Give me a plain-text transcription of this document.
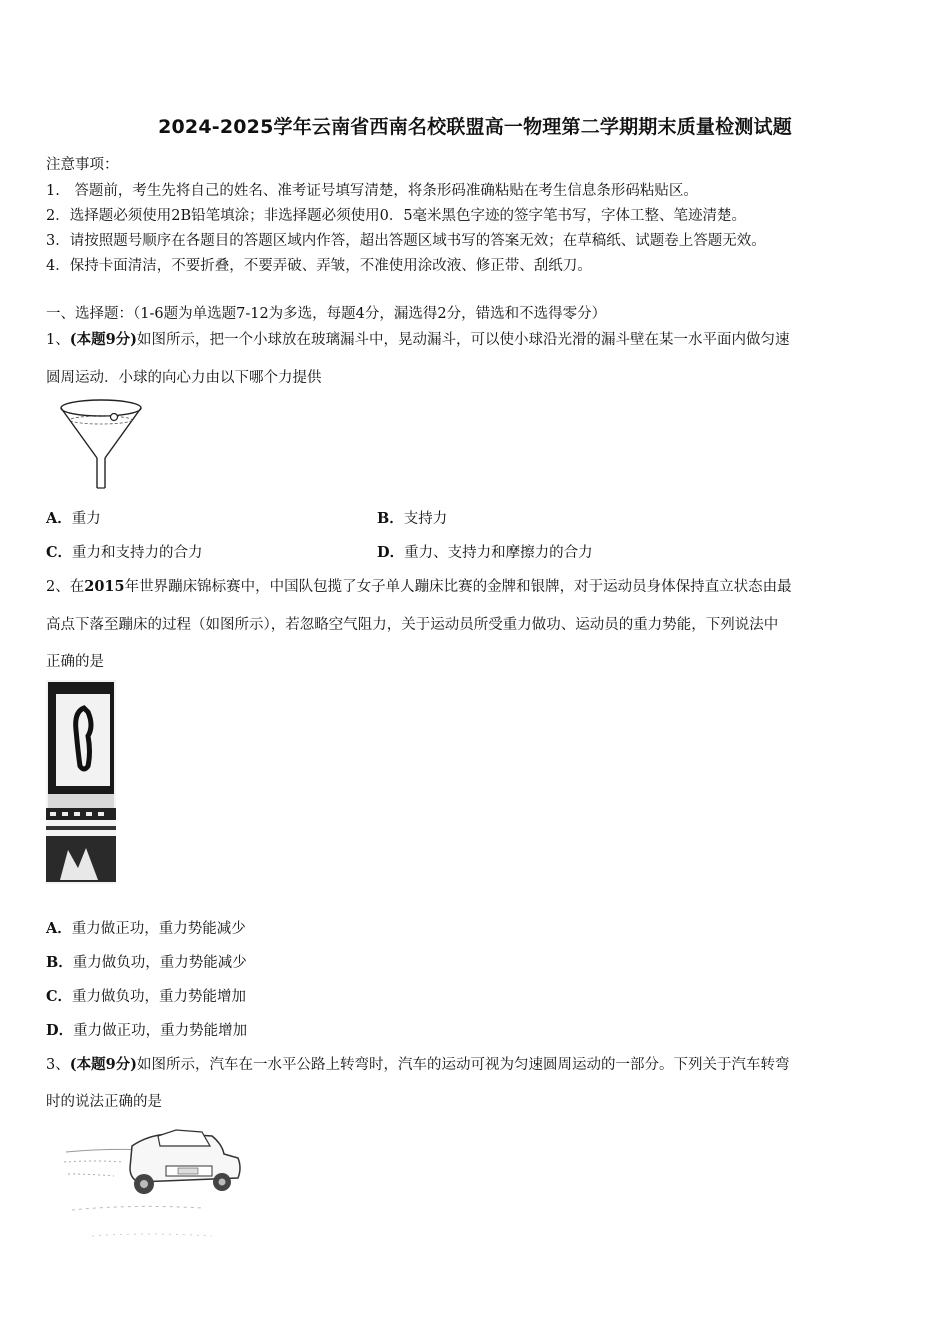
2024-2025学年云南省西南名校联盟高一物理第二学期期末质量检测试题
注意事项：
1.　答题前，考生先将自己的姓名、准考证号填写清楚，将条形码准确粘贴在考生信息条形码粘贴区。
2．选择题必须使用2B铅笔填涂；非选择题必须使用0．5毫米黑色字迹的签字笔书写，字体工整、笔迹清楚。
3．请按照题号顺序在各题目的答题区域内作答，超出答题区域书写的答案无效；在草稿纸、试题卷上答题无效。
4．保持卡面清洁，不要折叠，不要弄破、弄皱，不准使用涂改液、修正带、刮纸刀。
一、选择题：（1-6题为单选题7-12为多选，每题4分，漏选得2分，错选和不选得零分）
1、(本题9分)如图所示，把一个小球放在玻璃漏斗中，晃动漏斗，可以使小球沿光滑的漏斗壁在某一水平面内做匀速
圆周运动．小球的向心力由以下哪个力提供
A．重力	B．支持力
C．重力和支持力的合力	D．重力、支持力和摩擦力的合力
2、在2015年世界蹦床锦标赛中，中国队包揽了女子单人蹦床比赛的金牌和银牌，对于运动员身体保持直立状态由最
高点下落至蹦床的过程（如图所示），若忽略空气阻力，关于运动员所受重力做功、运动员的重力势能，下列说法中
正确的是
A．重力做正功，重力势能减少
B．重力做负功，重力势能减少
C．重力做负功，重力势能增加
D．重力做正功，重力势能增加
3、(本题9分)如图所示，汽车在一水平公路上转弯时，汽车的运动可视为匀速圆周运动的一部分。下列关于汽车转弯
时的说法正确的是
